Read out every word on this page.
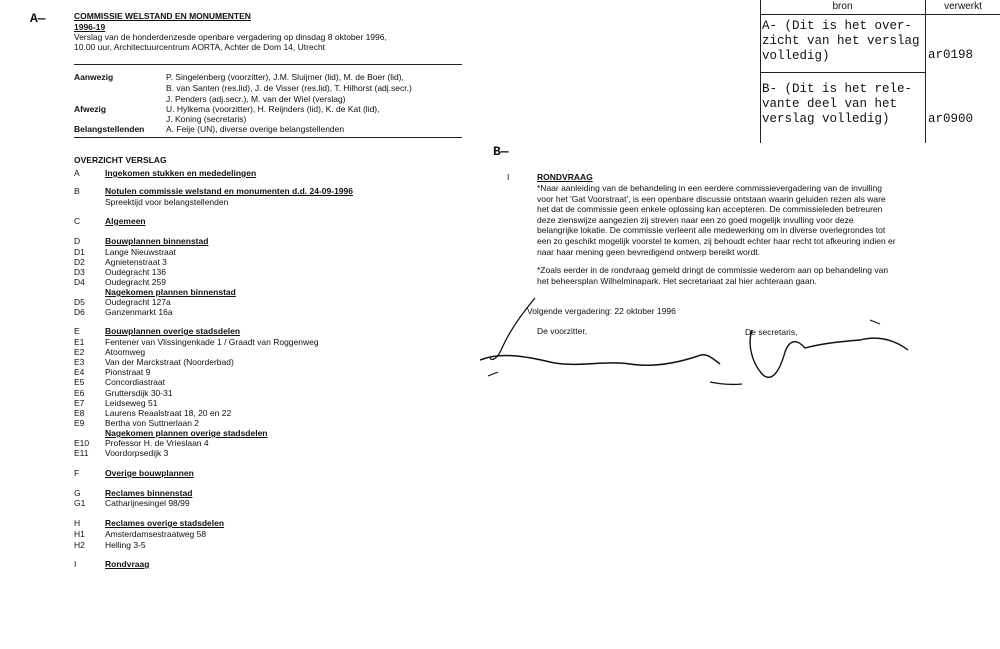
A—
B—
COMMISSIE WELSTAND EN MONUMENTEN
1996-19
Verslag van de honderdenzesde openbare vergadering op dinsdag 8 oktober 1996,
10.00 uur, Architectuurcentrum AORTA, Achter de Dom 14, Utrecht
Aanwezig	P. Singelenberg (voorzitter), J.M. Sluijmer (lid), M. de Boer (lid),
B. van Santen (res.lid), J. de Visser (res.lid), T. Hilhorst (adj.secr.)
J. Penders (adj.secr.), M. van der Wiel (verslag)
Afwezig	U. Hylkema (voorzitter), H. Reijnders (lid), K. de Kat (lid),
J. Koning (secretaris)
Belangstellenden	A. Feije (UN), diverse overige belangstellenden
OVERZICHT VERSLAG
A	Ingekomen stukken en mededelingen
B	Notulen commissie welstand en monumenten d.d. 24-09-1996
Spreektijd voor belangstellenden
C	Algemeen
D	Bouwplannen binnenstad
D1 Lange Nieuwstraat
D2 Agnietenstraat 3
D3 Oudegracht 136
D4 Oudegracht 259
Nagekomen plannen binnenstad
D5 Oudegracht 127a
D6 Ganzenmarkt 16a
E	Bouwplannen overige stadsdelen
E1 Fentener van Vlissingenkade 1 / Graadt van Roggenweg
E2 Atoomweg
E3 Van der Marckstraat (Noorderbad)
E4 Pionstraat 9
E5 Concordiastraat
E6 Gruttersdijk 30-31
E7 Leidseweg 51
E8 Laurens Reaalstraat 18, 20 en 22
E9 Bertha von Suttnerlaan 2
Nagekomen plannen overige stadsdelen
E10 Professor H. de Vrieslaan 4
E11 Voordorpsedijk 3
F	Overige bouwplannen
G	Reclames binnenstad
G1 Catharijnesingel 98/99
H	Reclames overige stadsdelen
H1 Amsterdamsestraatweg 58
H2 Helling 3-5
I	Rondvraag
I	RONDVRAAG
*Naar aanleiding van de behandeling in een eerdere commissievergadering van de invulling voor het 'Gat Voorstraat', is een openbare discussie ontstaan waarin geluiden rezen als ware het dat de commissie geen enkele oplossing kan accepteren. De commissieleden betreuren deze zienswijze aangezien zij streven naar een zo goed mogelijk invulling voor deze belangrijke lokatie. De commissie verleent alle medewerking om in diverse overlegrondes tot een zo geschikt mogelijk voorstel te komen, zij behoudt echter haar recht tot afkeuring indien er naar haar mening geen bevredigend ontwerp bereikt wordt.
*Zoals eerder in de rondvraag gemeld dringt de commissie wederom aan op behandeling van het beheersplan Wilhelminapark. Het secretariaat zal hier achteraan gaan.
Volgende vergadering: 22 oktober 1996
De voorzitter,	De secretaris,
bron	verwerkt
A- (Dit is het over-zicht van het verslag volledig)	ar0198
B- (Dit is het rele-vante deel van het verslag volledig)	ar0900
